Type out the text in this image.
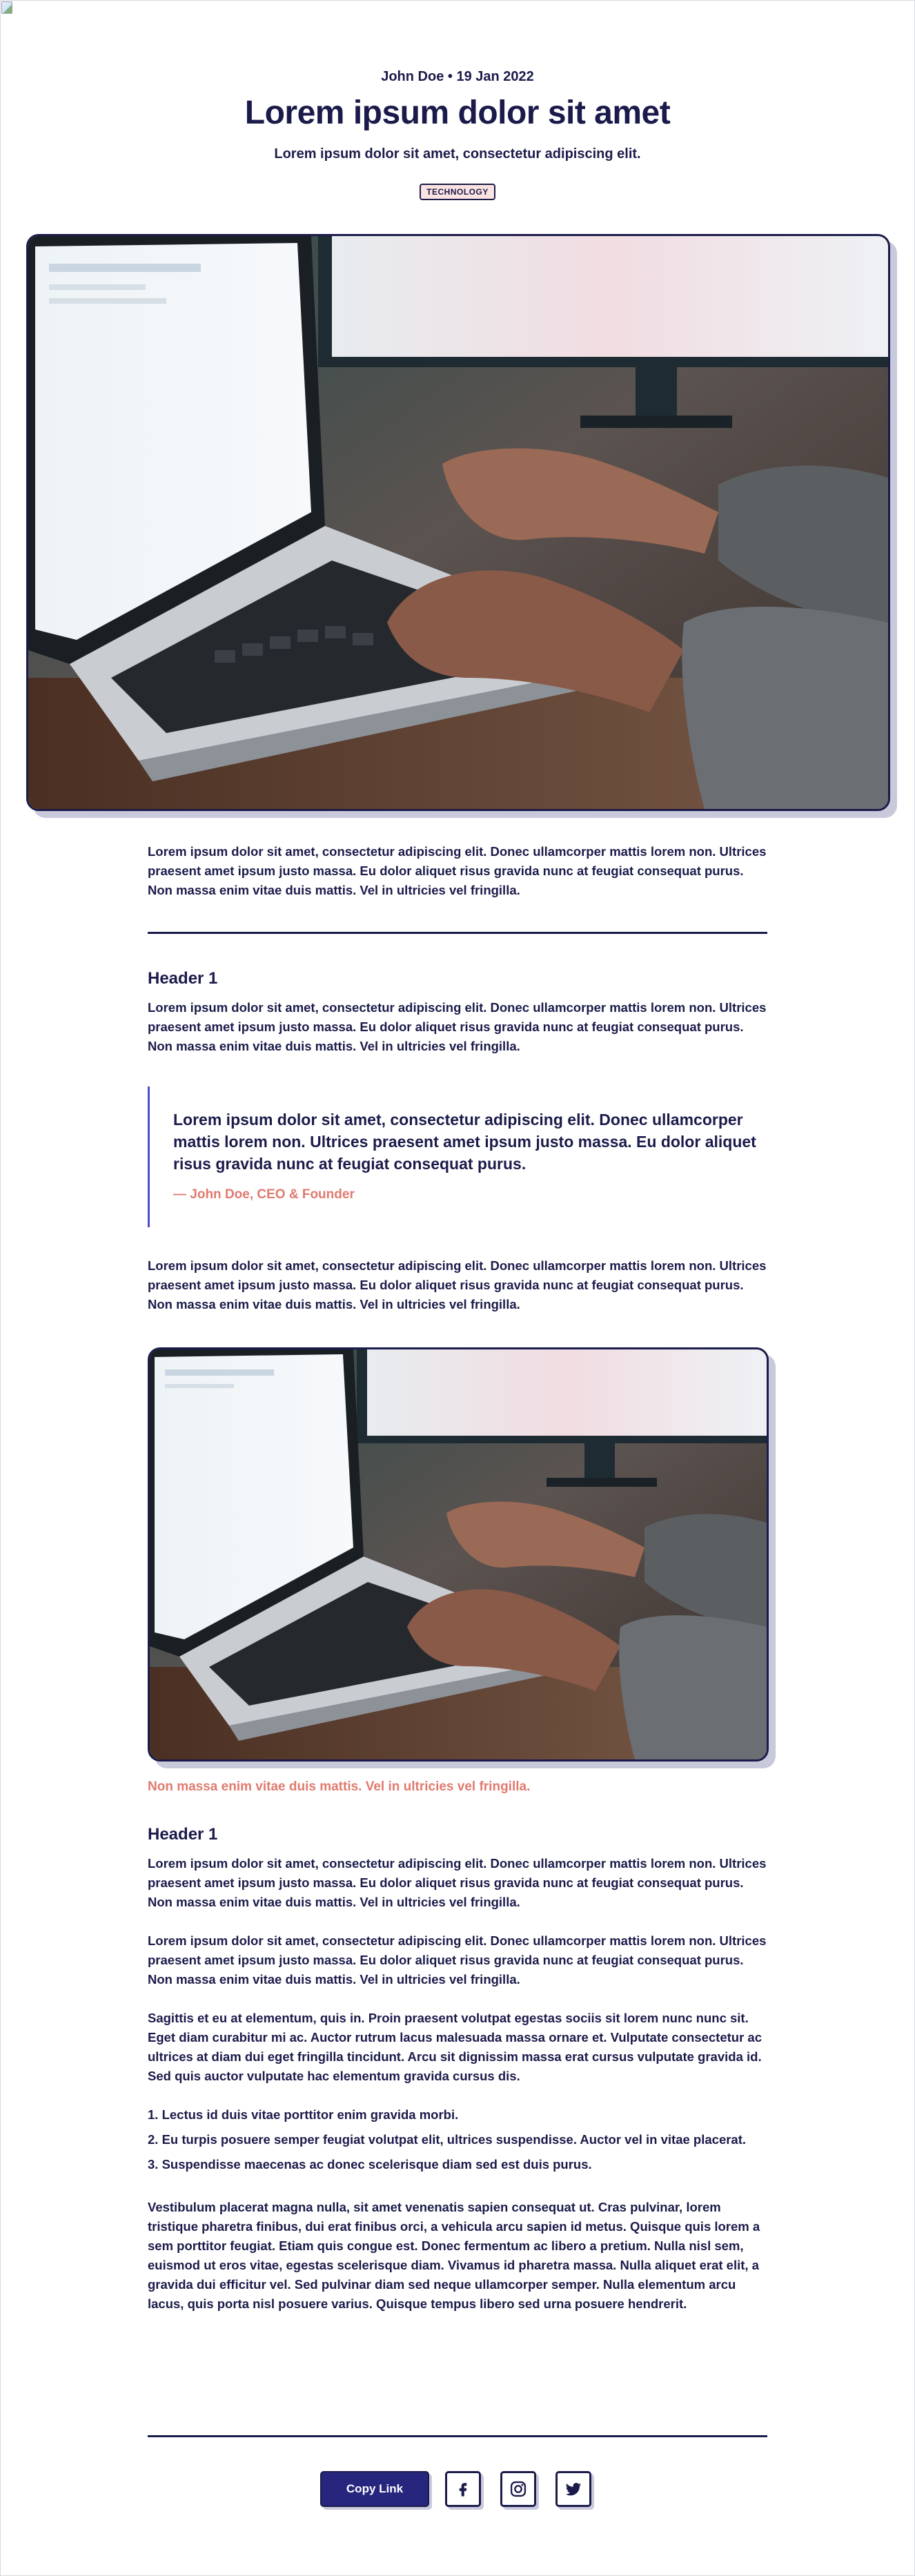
John Doe • 19 Jan 2022
Lorem ipsum dolor sit amet
Lorem ipsum dolor sit amet, consectetur adipiscing elit.
TECHNOLOGY

Lorem ipsum dolor sit amet, consectetur adipiscing elit. Donec ullamcorper mattis lorem non. Ultrices praesent amet ipsum justo massa. Eu dolor aliquet risus gravida nunc at feugiat consequat purus. Non massa enim vitae duis mattis. Vel in ultricies vel fringilla.

Header 1

Lorem ipsum dolor sit amet, consectetur adipiscing elit. Donec ullamcorper mattis lorem non. Ultrices praesent amet ipsum justo massa. Eu dolor aliquet risus gravida nunc at feugiat consequat purus. Non massa enim vitae duis mattis. Vel in ultricies vel fringilla.

Lorem ipsum dolor sit amet, consectetur adipiscing elit. Donec ullamcorper mattis lorem non. Ultrices praesent amet ipsum justo massa. Eu dolor aliquet risus gravida nunc at feugiat consequat purus.

— John Doe, CEO & Founder

Lorem ipsum dolor sit amet, consectetur adipiscing elit. Donec ullamcorper mattis lorem non. Ultrices praesent amet ipsum justo massa. Eu dolor aliquet risus gravida nunc at feugiat consequat purus. Non massa enim vitae duis mattis. Vel in ultricies vel fringilla.

Non massa enim vitae duis mattis. Vel in ultricies vel fringilla.
Header 1

Lorem ipsum dolor sit amet, consectetur adipiscing elit. Donec ullamcorper mattis lorem non. Ultrices praesent amet ipsum justo massa. Eu dolor aliquet risus gravida nunc at feugiat consequat purus. Non massa enim vitae duis mattis. Vel in ultricies vel fringilla.

Lorem ipsum dolor sit amet, consectetur adipiscing elit. Donec ullamcorper mattis lorem non. Ultrices praesent amet ipsum justo massa. Eu dolor aliquet risus gravida nunc at feugiat consequat purus. Non massa enim vitae duis mattis. Vel in ultricies vel fringilla.

Sagittis et eu at elementum, quis in. Proin praesent volutpat egestas sociis sit lorem nunc nunc sit. Eget diam curabitur mi ac. Auctor rutrum lacus malesuada massa ornare et. Vulputate consectetur ac ultrices at diam dui eget fringilla tincidunt. Arcu sit dignissim massa erat cursus vulputate gravida id. Sed quis auctor vulputate hac elementum gravida cursus dis.

1. Lectus id duis vitae porttitor enim gravida morbi.
2. Eu turpis posuere semper feugiat volutpat elit, ultrices suspendisse. Auctor vel in vitae placerat.
3. Suspendisse maecenas ac donec scelerisque diam sed est duis purus.

Vestibulum placerat magna nulla, sit amet venenatis sapien consequat ut. Cras pulvinar, lorem tristique pharetra finibus, dui erat finibus orci, a vehicula arcu sapien id metus. Quisque quis lorem a sem porttitor feugiat. Etiam quis congue est. Donec fermentum ac libero a pretium. Nulla nisl sem, euismod ut eros vitae, egestas scelerisque diam. Vivamus id pharetra massa. Nulla aliquet erat elit, a gravida dui efficitur vel. Sed pulvinar diam sed neque ullamcorper semper. Nulla elementum arcu lacus, quis porta nisl posuere varius. Quisque tempus libero sed urna posuere hendrerit.

Copy Link
